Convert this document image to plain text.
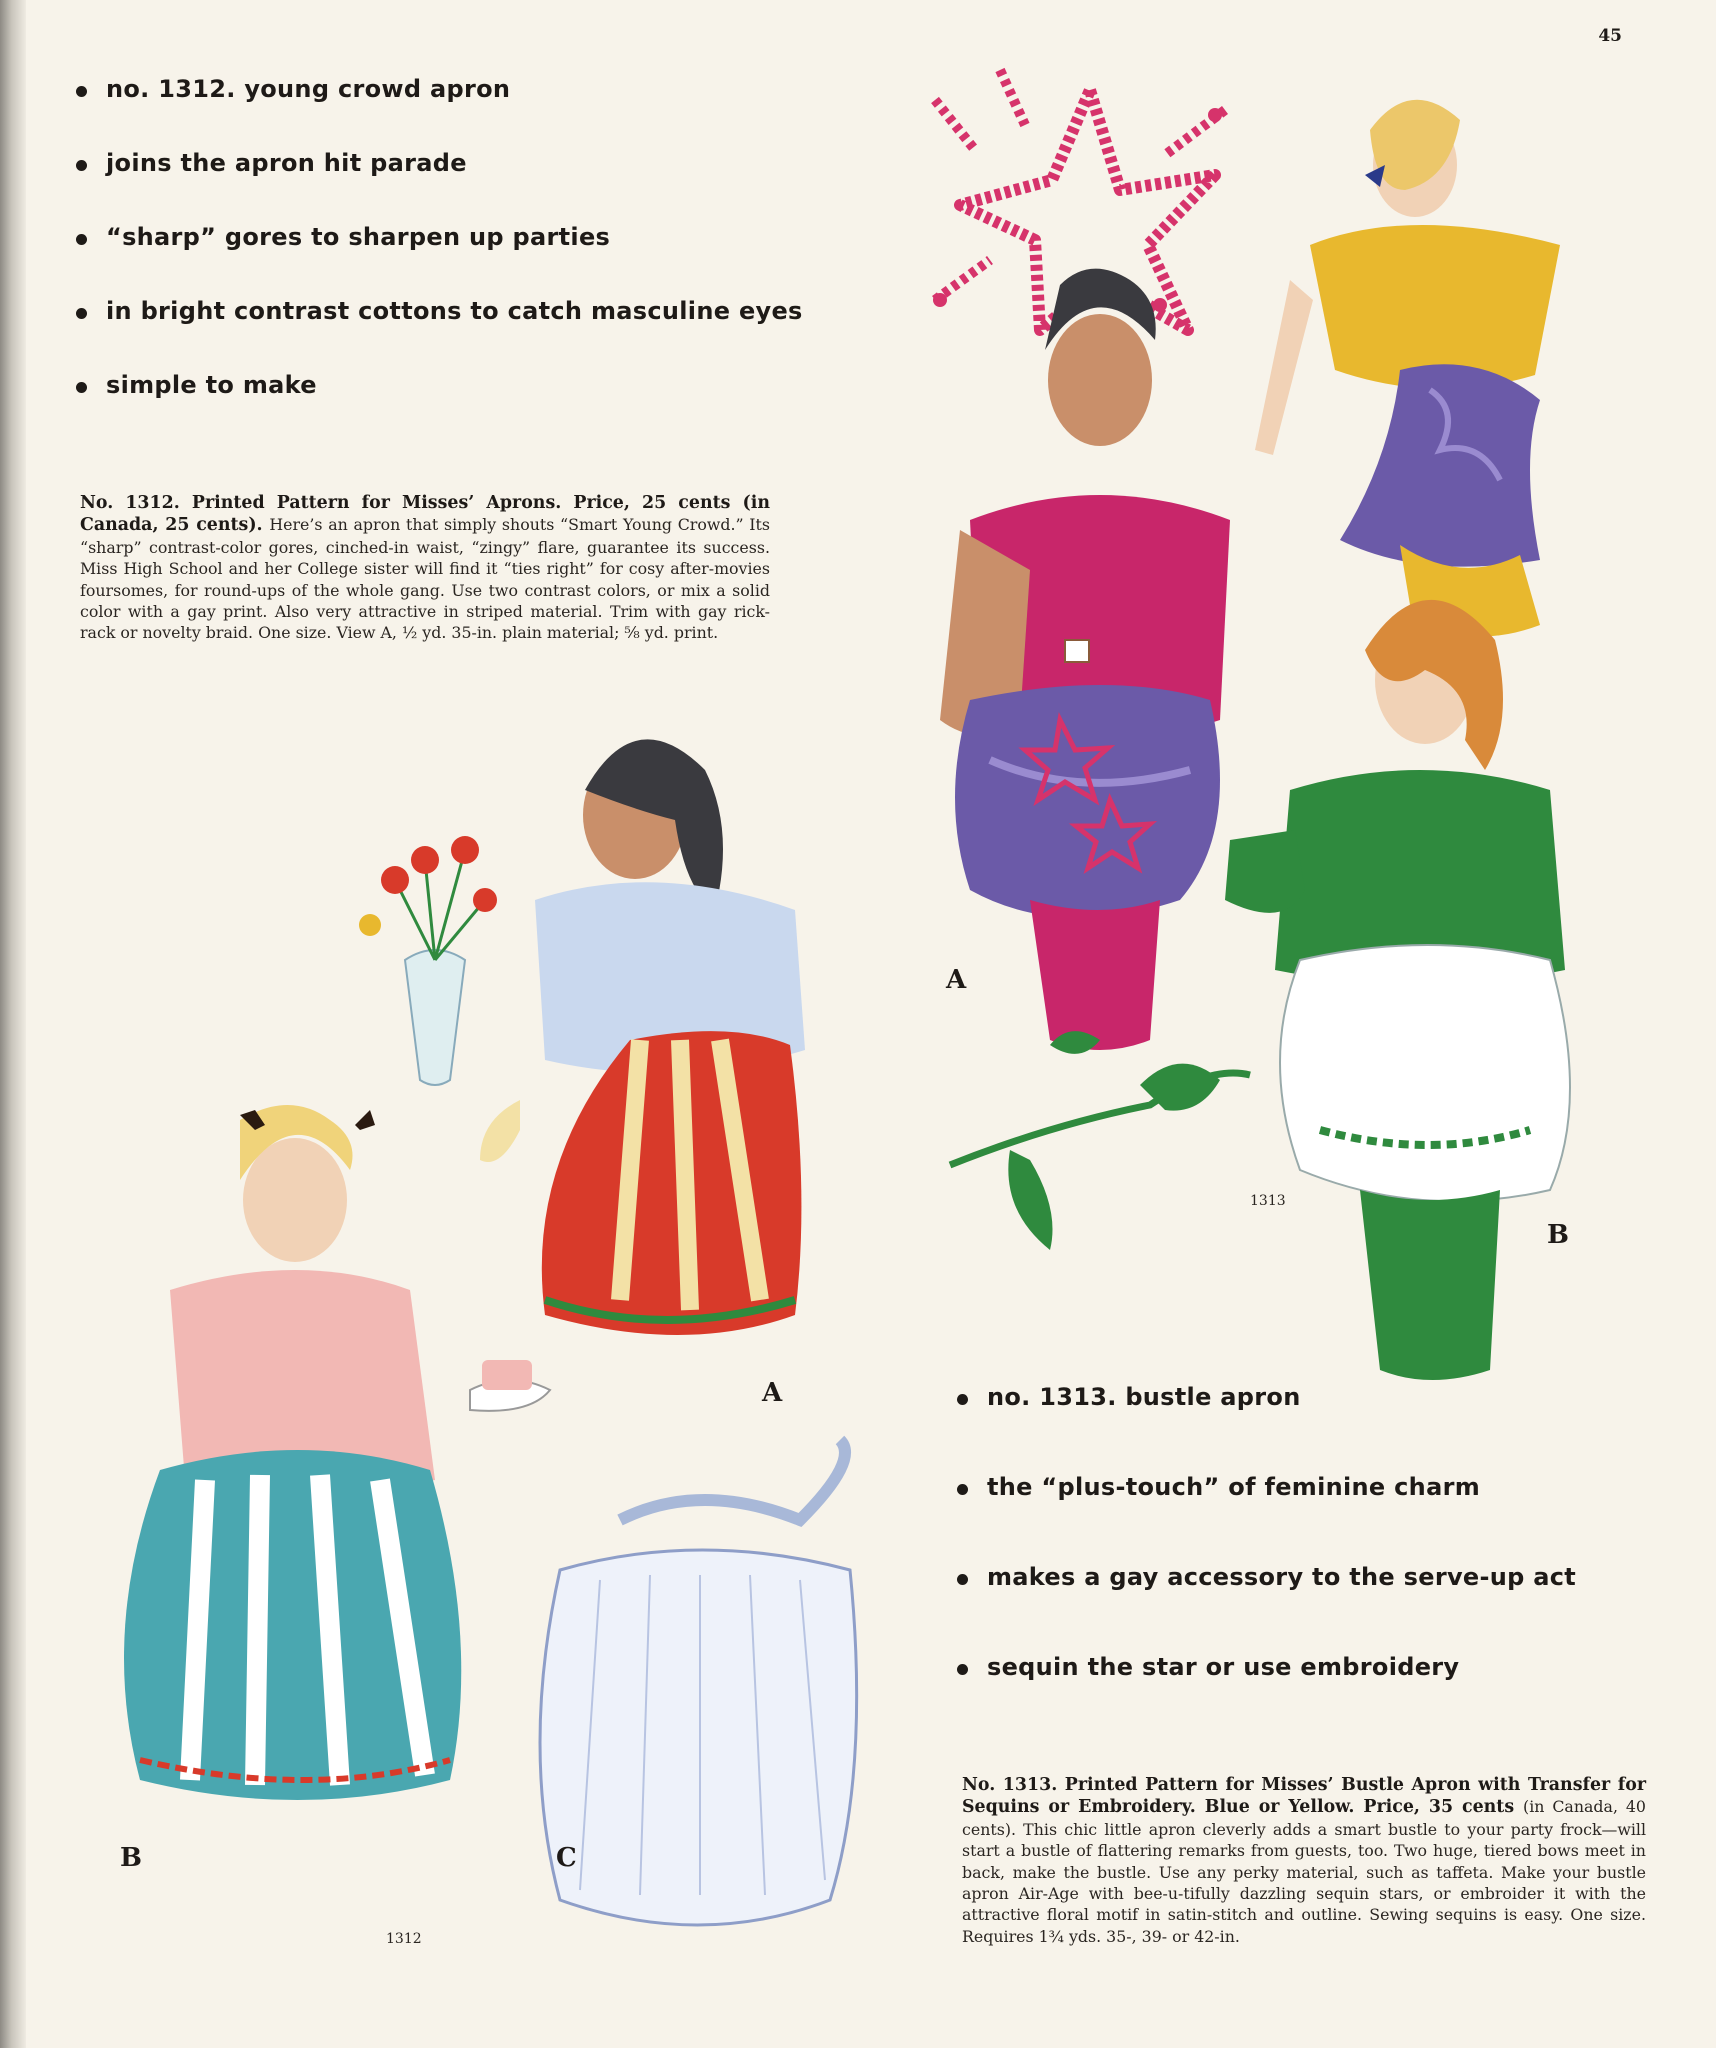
45
no. 1312. young crowd apron
joins the apron hit parade
“sharp” gores to sharpen up parties
in bright contrast cottons to catch masculine eyes
simple to make
No. 1312. Printed Pattern for Misses’ Aprons. Price, 25 cents (in Canada, 25 cents). Here’s an apron that simply shouts “Smart Young Crowd.” Its “sharp” contrast-color gores, cinched-in waist, “zingy” flare, guarantee its success. Miss High School and her College sister will find it “ties right” for cosy after-movies foursomes, for round-ups of the whole gang. Use two contrast colors, or mix a solid color with a gay print. Also very attractive in striped material. Trim with gay rick-rack or novelty braid. One size. View A, ½ yd. 35-in. plain material; ⅝ yd. print.
no. 1313. bustle apron
the “plus-touch” of feminine charm
makes a gay accessory to the serve-up act
sequin the star or use embroidery
No. 1313. Printed Pattern for Misses’ Bustle Apron with Transfer for Sequins or Embroidery. Blue or Yellow. Price, 35 cents (in Canada, 40 cents). This chic little apron cleverly adds a smart bustle to your party frock—will start a bustle of flattering remarks from guests, too. Two huge, tiered bows meet in back, make the bustle. Use any perky material, such as taffeta. Make your bustle apron Air-Age with bee-u-tifully dazzling sequin stars, or embroider it with the attractive floral motif in satin-stitch and outline. Sewing sequins is easy. One size. Requires 1¾ yds. 35-, 39- or 42-in.
A
B
1313
A
B	C
1312
